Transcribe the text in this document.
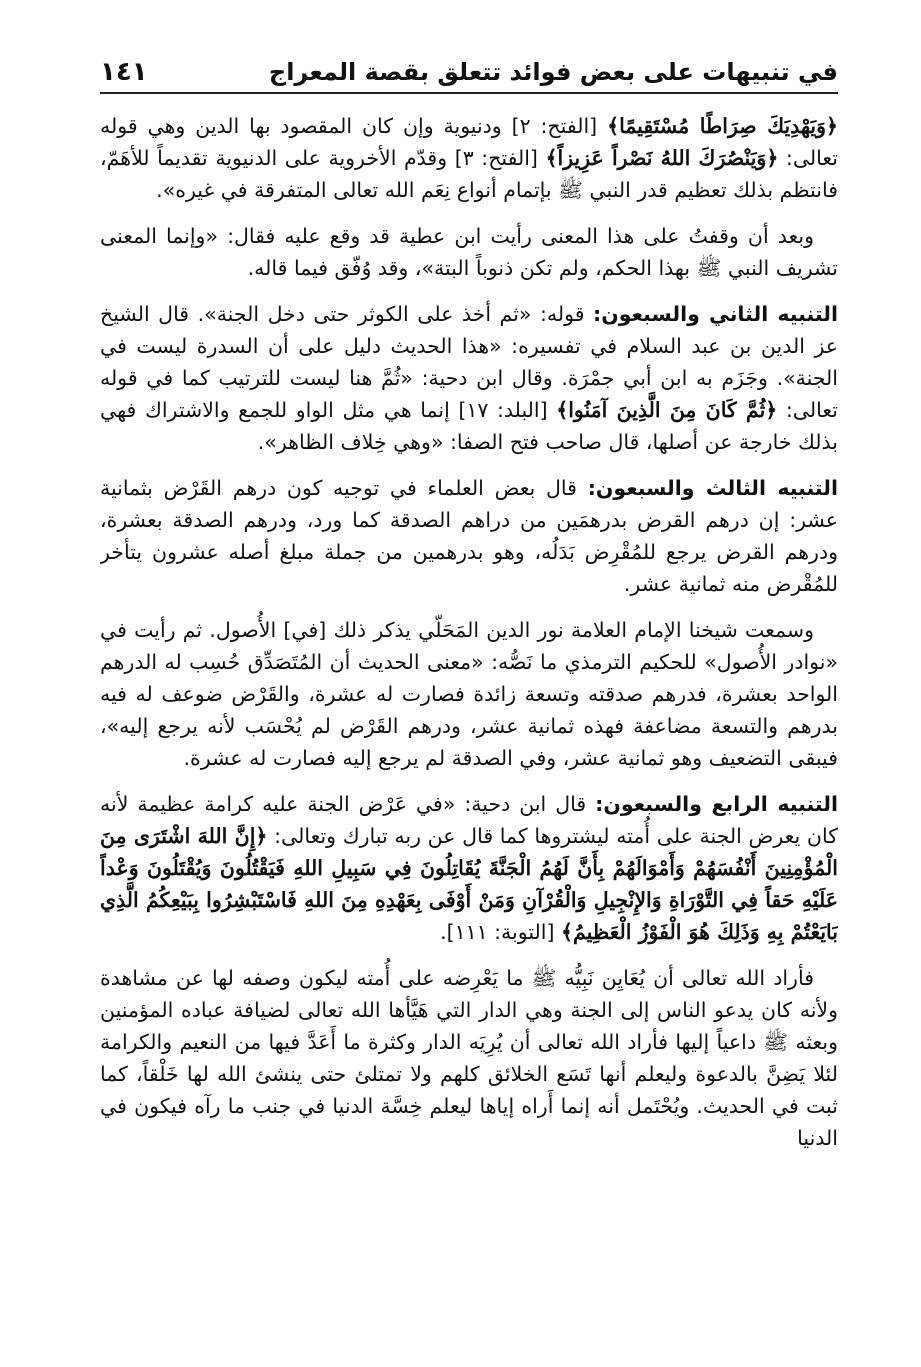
في تنبيهات على بعض فوائد تتعلق بقصة المعراج
١٤١

﴿وَيَهْدِيَكَ صِرَاطًا مُسْتَقِيمًا﴾ [الفتح: ٢] ودنيوية وإن كان المقصود بها الدين وهي قوله تعالى: ﴿وَيَنْصُرَكَ اللهُ نَصْراً عَزِيزاً﴾ [الفتح: ٣] وقدّم الأخروية على الدنيوية تقديماً للأهَمّ، فانتظم بذلك تعظيم قدر النبي ﷺ بإتمام أنواع نِعَم الله تعالى المتفرقة في غيره».

وبعد أن وقفتُ على هذا المعنى رأيت ابن عطية قد وقع عليه فقال: «وإنما المعنى تشريف النبي ﷺ بهذا الحكم، ولم تكن ذنوباً البتة»، وقد وُفّق فيما قاله.

التنبيه الثاني والسبعون: قوله: «ثم أخذ على الكوثر حتى دخل الجنة». قال الشيخ عز الدين بن عبد السلام في تفسيره: «هذا الحديث دليل على أن السدرة ليست في الجنة». وجَزَم به ابن أبي جمْرَة. وقال ابن دحية: «ثُمَّ هنا ليست للترتيب كما في قوله تعالى: ﴿ثُمَّ كَانَ مِنَ الَّذِينَ آمَنُوا﴾ [البلد: ١٧] إنما هي مثل الواو للجمع والاشتراك فهي بذلك خارجة عن أصلها، قال صاحب فتح الصفا: «وهي خِلاف الظاهر».

التنبيه الثالث والسبعون: قال بعض العلماء في توجيه كون درهم القَرْض بثمانية عشر: إن درهم القرض بدرهمَين من دراهم الصدقة كما ورد، ودرهم الصدقة بعشرة، ودرهم القرض يرجع للمُقْرِض بَدَلُه، وهو بدرهمين من جملة مبلغ أصله عشرون يتأخر للمُقْرض منه ثمانية عشر.

وسمعت شيخنا الإمام العلامة نور الدين المَحَلّي يذكر ذلك [في] الأُصول. ثم رأيت في «نوادر الأُصول» للحكيم الترمذي ما نَصُّه: «معنى الحديث أن المُتَصَدِّق حُسِب له الدرهم الواحد بعشرة، فدرهم صدقته وتسعة زائدة فصارت له عشرة، والقَرْض ضوعف له فيه بدرهم والتسعة مضاعفة فهذه ثمانية عشر، ودرهم القَرْض لم يُحْسَب لأنه يرجع إليه»، فيبقى التضعيف وهو ثمانية عشر، وفي الصدقة لم يرجع إليه فصارت له عشرة.

التنبيه الرابع والسبعون: قال ابن دحية: «في عَرْض الجنة عليه كرامة عظيمة لأنه كان يعرض الجنة على أُمته ليشتروها كما قال عن ربه تبارك وتعالى: ﴿إِنَّ اللهَ اشْتَرَى مِنَ الْمُؤْمِنِينَ أَنْفُسَهُمْ وَأَمْوَالَهُمْ بِأَنَّ لَهُمُ الْجَنَّةَ يُقَاتِلُونَ فِي سَبِيلِ اللهِ فَيَقْتُلُونَ وَيُقْتَلُونَ وَعْداً عَلَيْهِ حَقاً فِي التَّوْرَاةِ وَالإِنْجِيلِ وَالْقُرْآنِ وَمَنْ أَوْفَى بِعَهْدِهِ مِنَ اللهِ فَاسْتَبْشِرُوا بِبَيْعِكُمُ الَّذِي بَايَعْتُمْ بِهِ وَذَلِكَ هُوَ الْفَوْزُ الْعَظِيمُ﴾ [التوبة: ١١١].

فأراد الله تعالى أن يُعَايِن نَبِيُّه ﷺ ما يَعْرِضه على أُمته ليكون وصفه لها عن مشاهدة ولأنه كان يدعو الناس إلى الجنة وهي الدار التي هَيَّأها الله تعالى لضيافة عباده المؤمنين وبعثه ﷺ داعياً إليها فأراد الله تعالى أن يُرِيَه الدار وكثرة ما أَعَدَّ فيها من النعيم والكرامة لئلا يَضِنَّ بالدعوة وليعلم أنها تَسَع الخلائق كلهم ولا تمتلئ حتى ينشئ الله لها خَلْقاً، كما ثبت في الحديث. ويُحْتَمل أنه إنما أَراه إياها ليعلم خِسَّة الدنيا في جنب ما رآه فيكون في الدنيا
